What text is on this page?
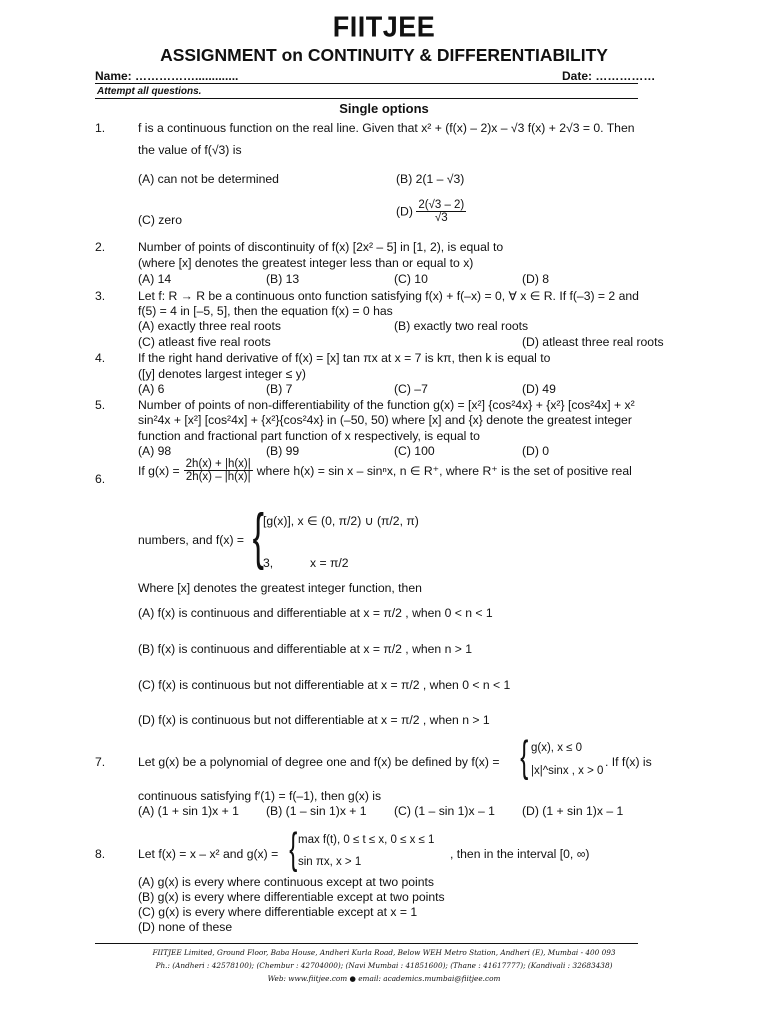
FIITJEE
ASSIGNMENT on CONTINUITY & DIFFERENTIABILITY
Name: …………….............	Date: ……………
Attempt all questions.
Single options
1.	f is a continuous function on the real line. Given that x² + (f(x) – 2)x – √3 f(x) + 2√3 = 0. Then
the value of f(√3) is
(A) can not be determined	(B) 2(1 – √3)
(C) zero
$(D) \frac{2(√3 - 2)}{√3}$
2.	Number of points of discontinuity of f(x) [2x² – 5] in [1, 2), is equal to
(where [x] denotes the greatest integer less than or equal to x)
(A) 14	(B) 13	(C) 10	(D) 8
3.	Let f: R → R be a continuous onto function satisfying f(x) + f(–x) = 0, ∀ x ∈ R. If f(–3) = 2 and
f(5) = 4 in [–5, 5], then the equation f(x) = 0 has
(A) exactly three real roots	(B) exactly two real roots
(C) atleast five real roots	(D) atleast three real roots
4.	If the right hand derivative of f(x) = [x] tan πx at x = 7 is kπ, then k is equal to
([y] denotes largest integer ≤ y)
(A) 6	(B) 7	(C) –7	(D) 49
5.	Number of points of non-differentiability of the function g(x) = [x²] {cos²4x} + {x²} [cos²4x] + x²
sin²4x + [x²] [cos²4x] + {x²}{cos²4x} in (–50, 50) where [x] and {x} denote the greatest integer
function and fractional part function of x respectively, is equal to
(A) 98	(B) 99	(C) 100	(D) 0
6.
If $g(x) = \frac{2h(x) + |h(x)|}{2h(x) - |h(x)|}$ where h(x) = sin x – sinⁿx, n ∈ R⁺, where R⁺ is the set of positive real
numbers, and f(x) = {
[g(x)], x ∈ (0, π/2) ∪ (π/2, π)
3,	x = π/2
Where [x] denotes the greatest integer function, then
(A) f(x) is continuous and differentiable at x = π/2 , when 0 < n < 1
(B) f(x) is continuous and differentiable at x = π/2 , when n > 1
(C) f(x) is continuous but not differentiable at x = π/2 , when 0 < n < 1
(D) f(x) is continuous but not differentiable at x = π/2 , when n > 1
7.	Let g(x) be a polynomial of degree one and f(x) be defined by f(x) = { g(x), x ≤ 0
|x|^sinx , x > 0
. If f(x) is
continuous satisfying f′(1) = f(–1), then g(x) is
(A) (1 + sin 1)x + 1 (B) (1 – sin 1)x + 1 (C) (1 – sin 1)x – 1 (D) (1 + sin 1)x – 1
8.	Let f(x) = x – x² and g(x) = { max f(t), 0 ≤ t ≤ x, 0 ≤ x ≤ 1
sin πx, x > 1
, then in the interval [0, ∞)
(A) g(x) is every where continuous except at two points
(B) g(x) is every where differentiable except at two points
(C) g(x) is every where differentiable except at x = 1
(D) none of these
FIITJEE Limited, Ground Floor, Baba House, Andheri Kurla Road, Below WEH Metro Station, Andheri (E), Mumbai - 400 093
Ph.: (Andheri : 42578100); (Chembur : 42704000); (Navi Mumbai : 41851600); (Thane : 41617777); (Kandivali : 32683438)
Web: www.fiitjee.com ● email: academics.mumbai@fiitjee.com
